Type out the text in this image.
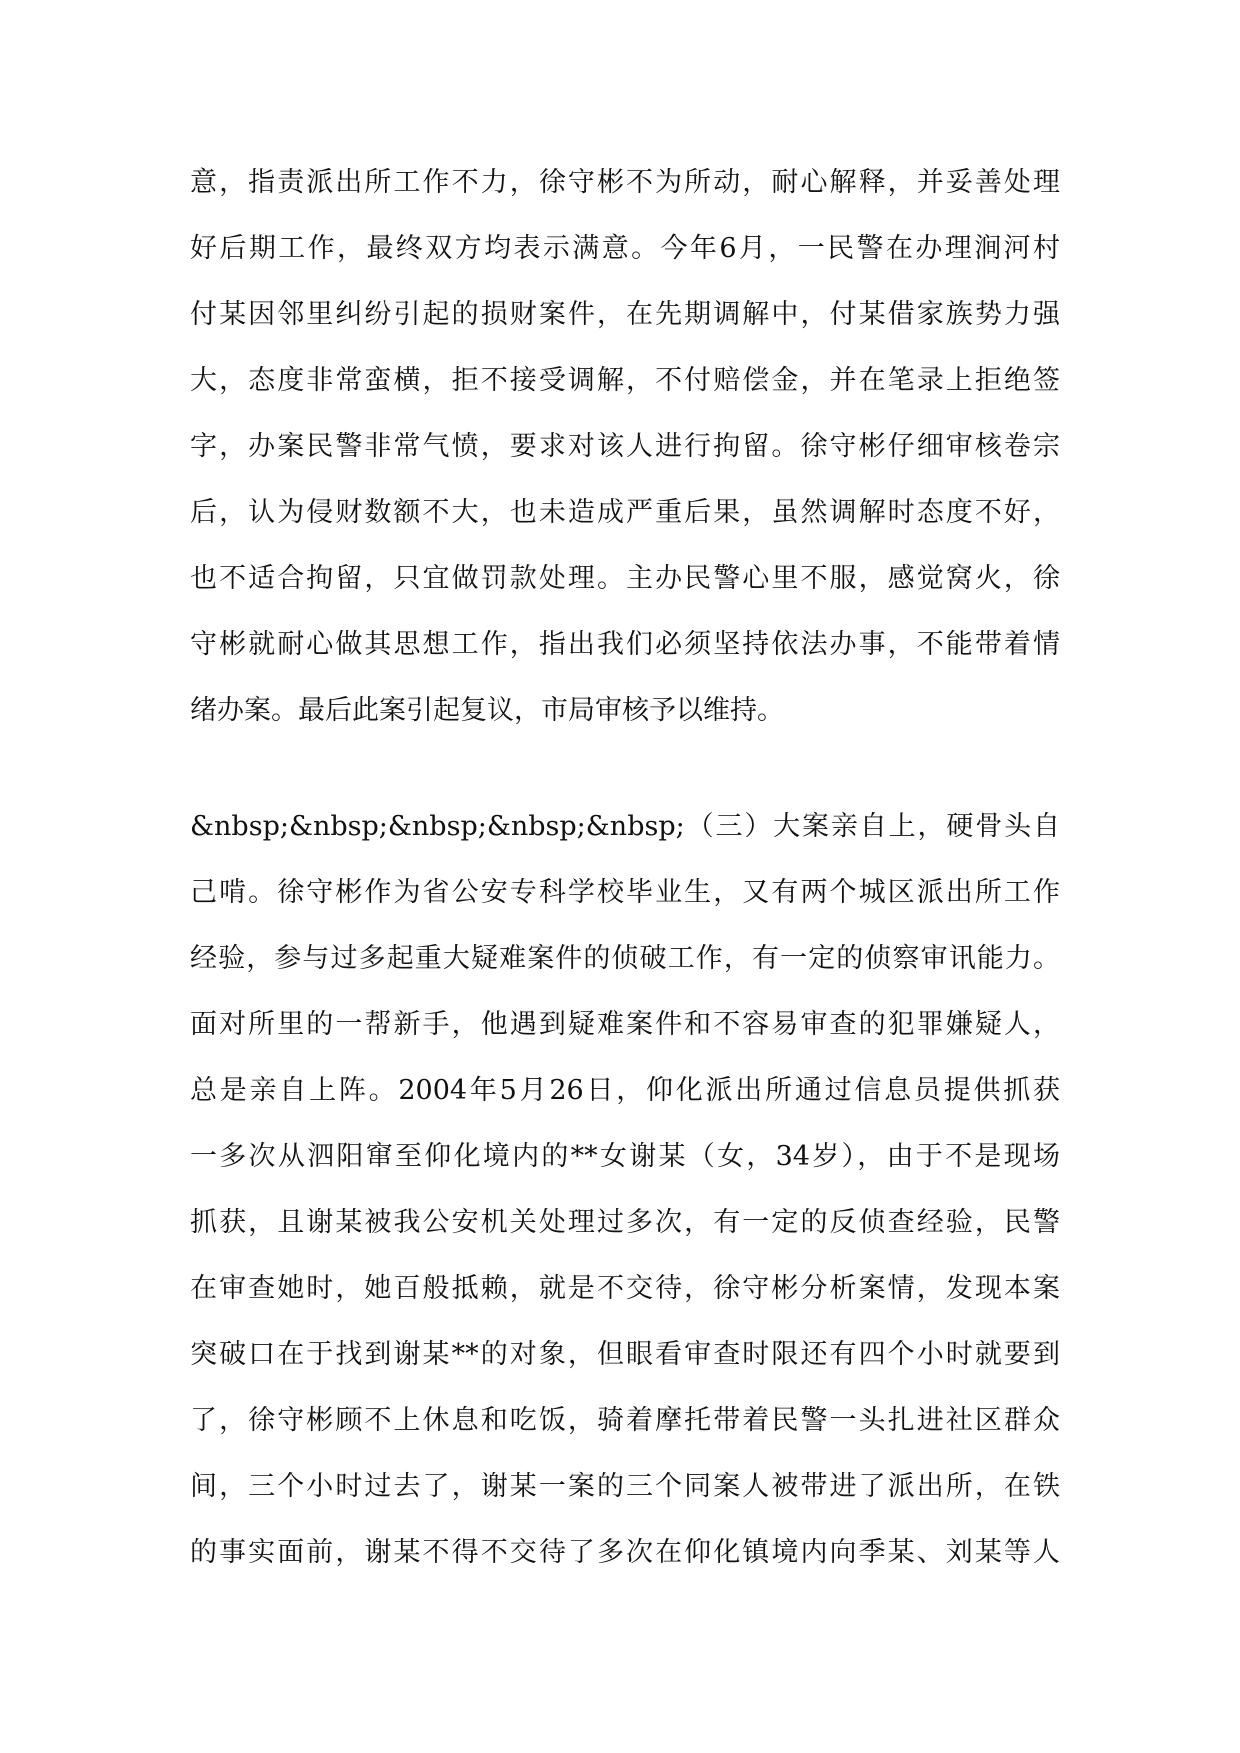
意，指责派出所工作不力，徐守彬不为所动，耐心解释，并妥善处理
好后期工作，最终双方均表示满意。今年6月，一民警在办理涧河村
付某因邻里纠纷引起的损财案件，在先期调解中，付某借家族势力强
大，态度非常蛮横，拒不接受调解，不付赔偿金，并在笔录上拒绝签
字，办案民警非常气愤，要求对该人进行拘留。徐守彬仔细审核卷宗
后，认为侵财数额不大，也未造成严重后果，虽然调解时态度不好，
也不适合拘留，只宜做罚款处理。主办民警心里不服，感觉窝火，徐
守彬就耐心做其思想工作，指出我们必须坚持依法办事，不能带着情
绪办案。最后此案引起复议，市局审核予以维持。
&nbsp;&nbsp;&nbsp;&nbsp;&nbsp;（三）大案亲自上，硬骨头自
己啃。徐守彬作为省公安专科学校毕业生，又有两个城区派出所工作
经验，参与过多起重大疑难案件的侦破工作，有一定的侦察审讯能力。
面对所里的一帮新手，他遇到疑难案件和不容易审查的犯罪嫌疑人，
总是亲自上阵。2004年5月26日，仰化派出所通过信息员提供抓获
一多次从泗阳窜至仰化境内的**女谢某（女，34岁），由于不是现场
抓获，且谢某被我公安机关处理过多次，有一定的反侦查经验，民警
在审查她时，她百般抵赖，就是不交待，徐守彬分析案情，发现本案
突破口在于找到谢某**的对象，但眼看审查时限还有四个小时就要到
了，徐守彬顾不上休息和吃饭，骑着摩托带着民警一头扎进社区群众
间，三个小时过去了，谢某一案的三个同案人被带进了派出所，在铁
的事实面前，谢某不得不交待了多次在仰化镇境内向季某、刘某等人
